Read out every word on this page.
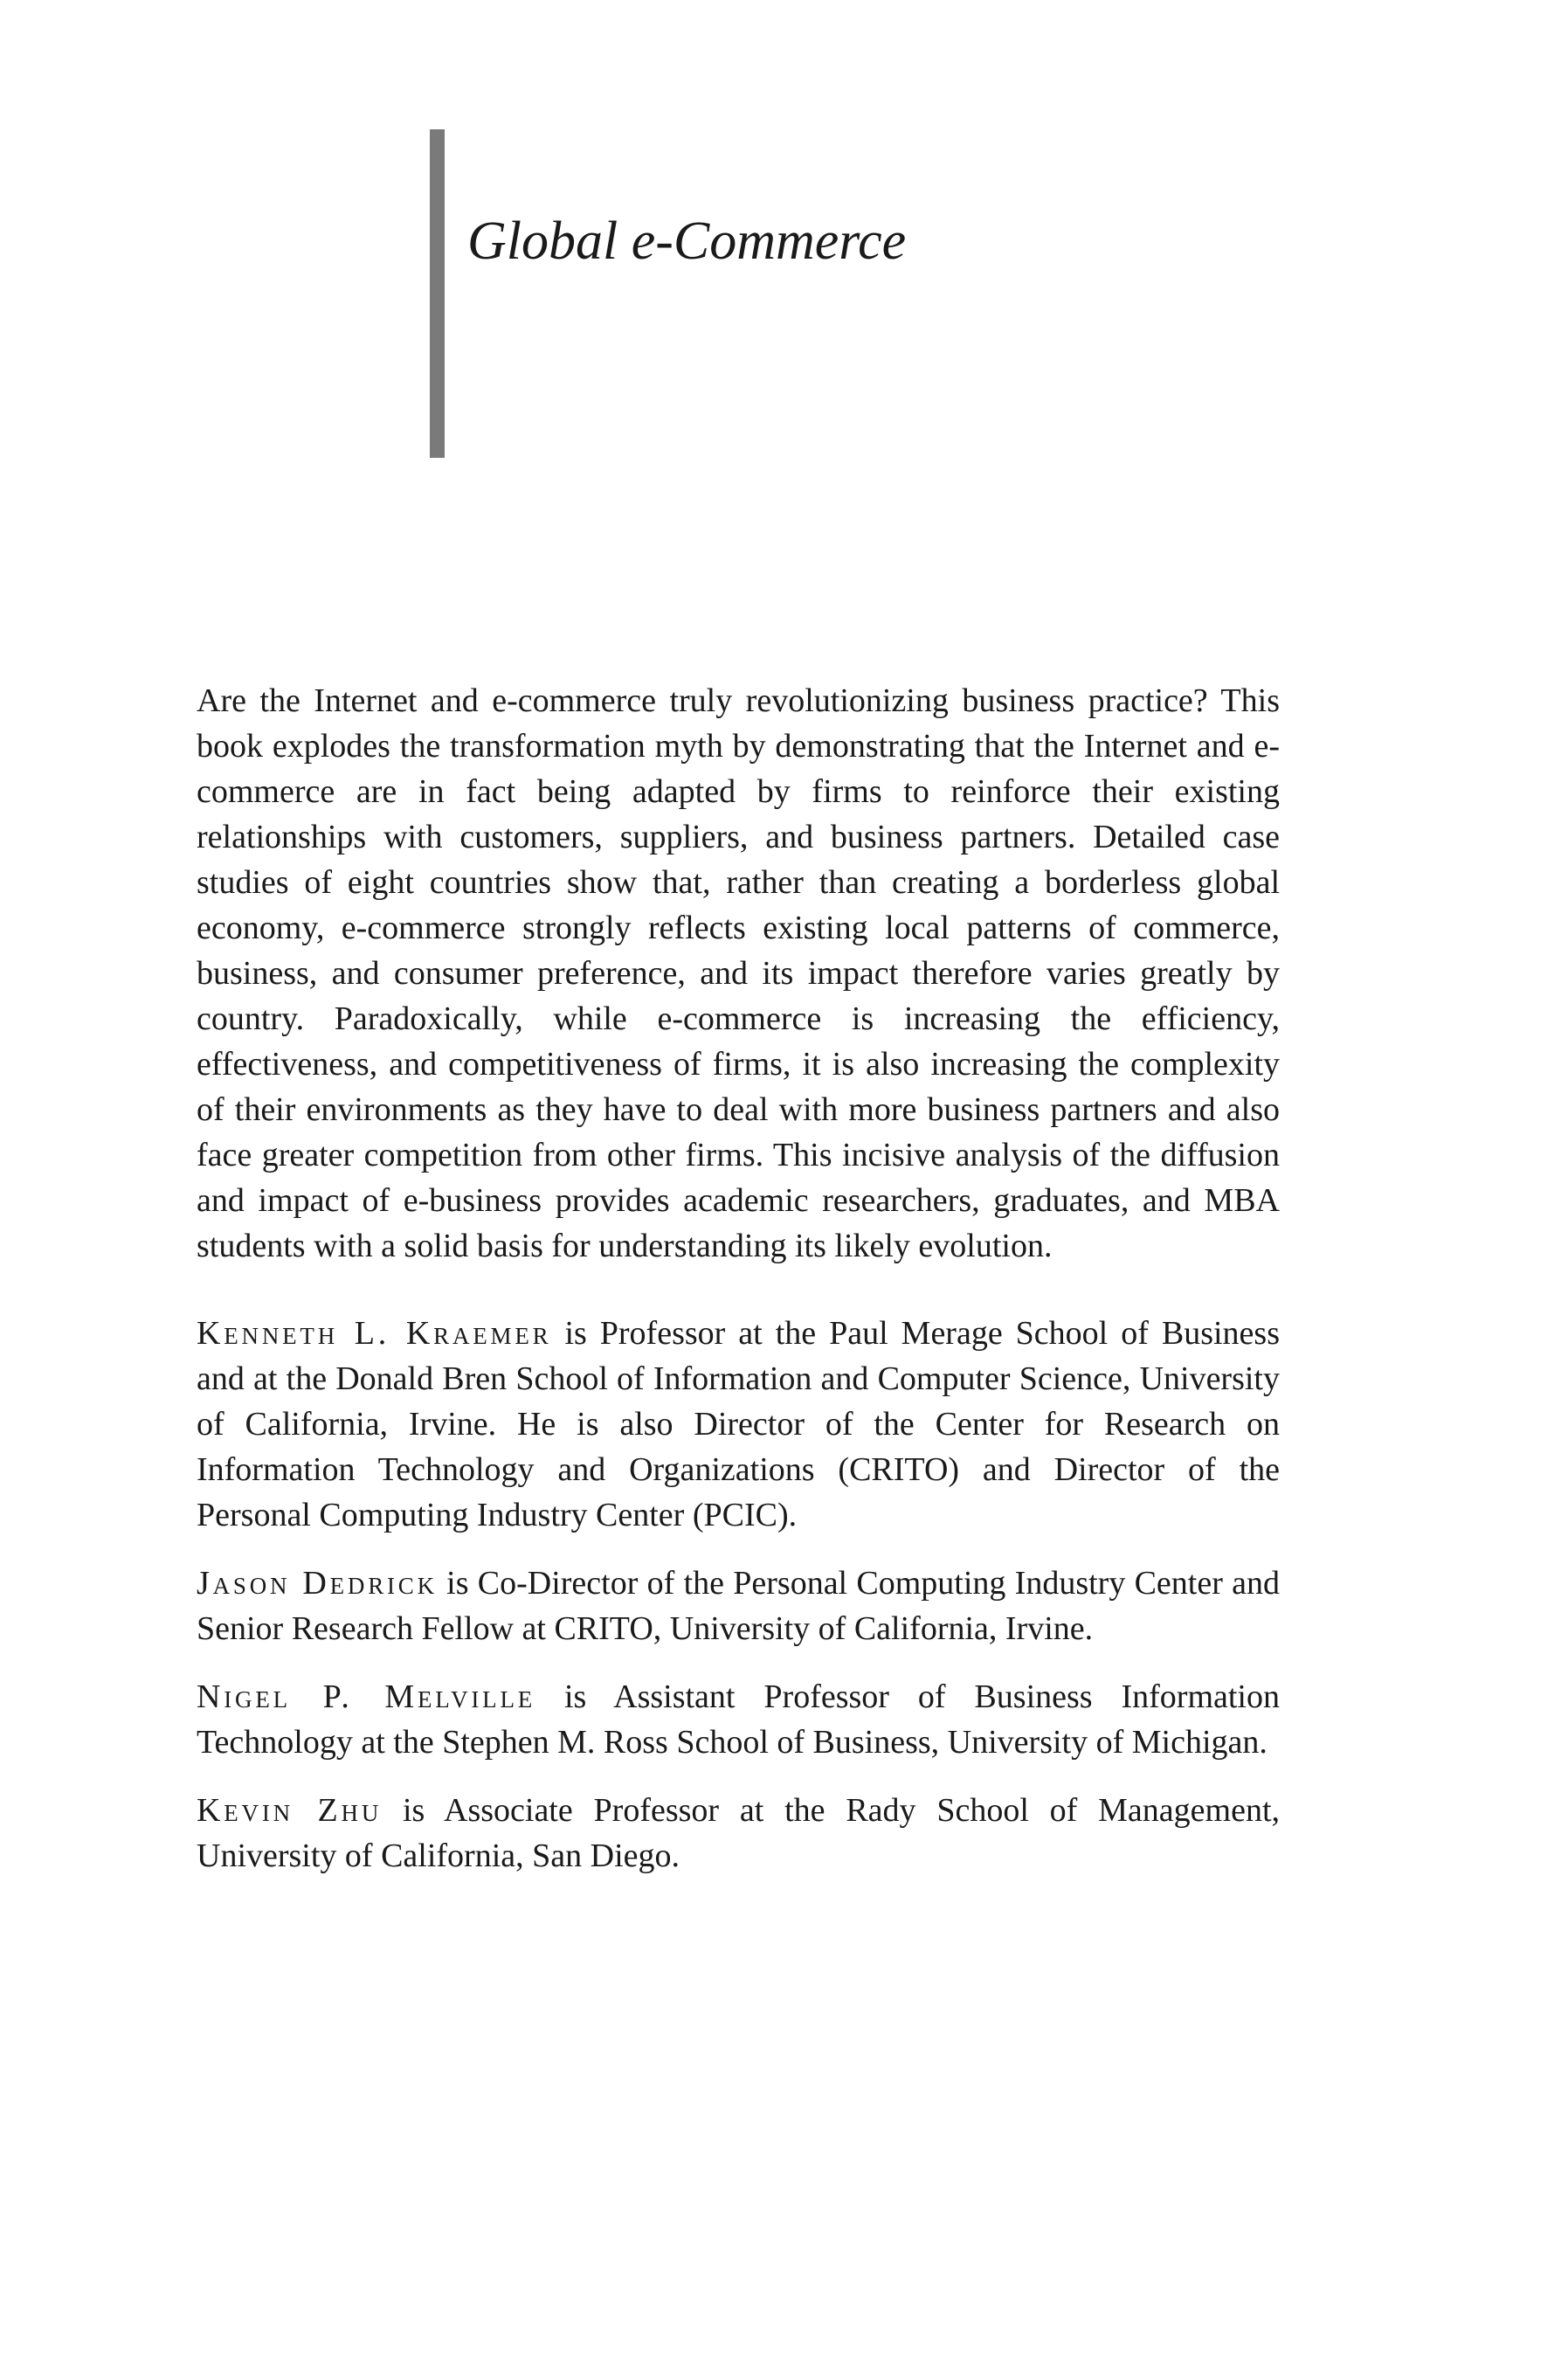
Global e-Commerce

Are the Internet and e-commerce truly revolutionizing business practice? This book explodes the transformation myth by demonstrating that the Internet and e-commerce are in fact being adapted by firms to reinforce their existing relationships with customers, suppliers, and business partners. Detailed case studies of eight countries show that, rather than creating a borderless global economy, e-commerce strongly reflects existing local patterns of commerce, business, and consumer preference, and its impact therefore varies greatly by country. Paradoxically, while e-commerce is increasing the efficiency, effectiveness, and competitiveness of firms, it is also increasing the complexity of their environments as they have to deal with more business partners and also face greater competition from other firms. This incisive analysis of the diffusion and impact of e-business provides academic researchers, graduates, and MBA students with a solid basis for understanding its likely evolution.

Kenneth L. Kraemer is Professor at the Paul Merage School of Business and at the Donald Bren School of Information and Computer Science, University of California, Irvine. He is also Director of the Center for Research on Information Technology and Organizations (CRITO) and Director of the Personal Computing Industry Center (PCIC).

Jason Dedrick is Co-Director of the Personal Computing Industry Center and Senior Research Fellow at CRITO, University of California, Irvine.

Nigel P. Melville is Assistant Professor of Business Information Technology at the Stephen M. Ross School of Business, University of Michigan.

Kevin Zhu is Associate Professor at the Rady School of Management, University of California, San Diego.
